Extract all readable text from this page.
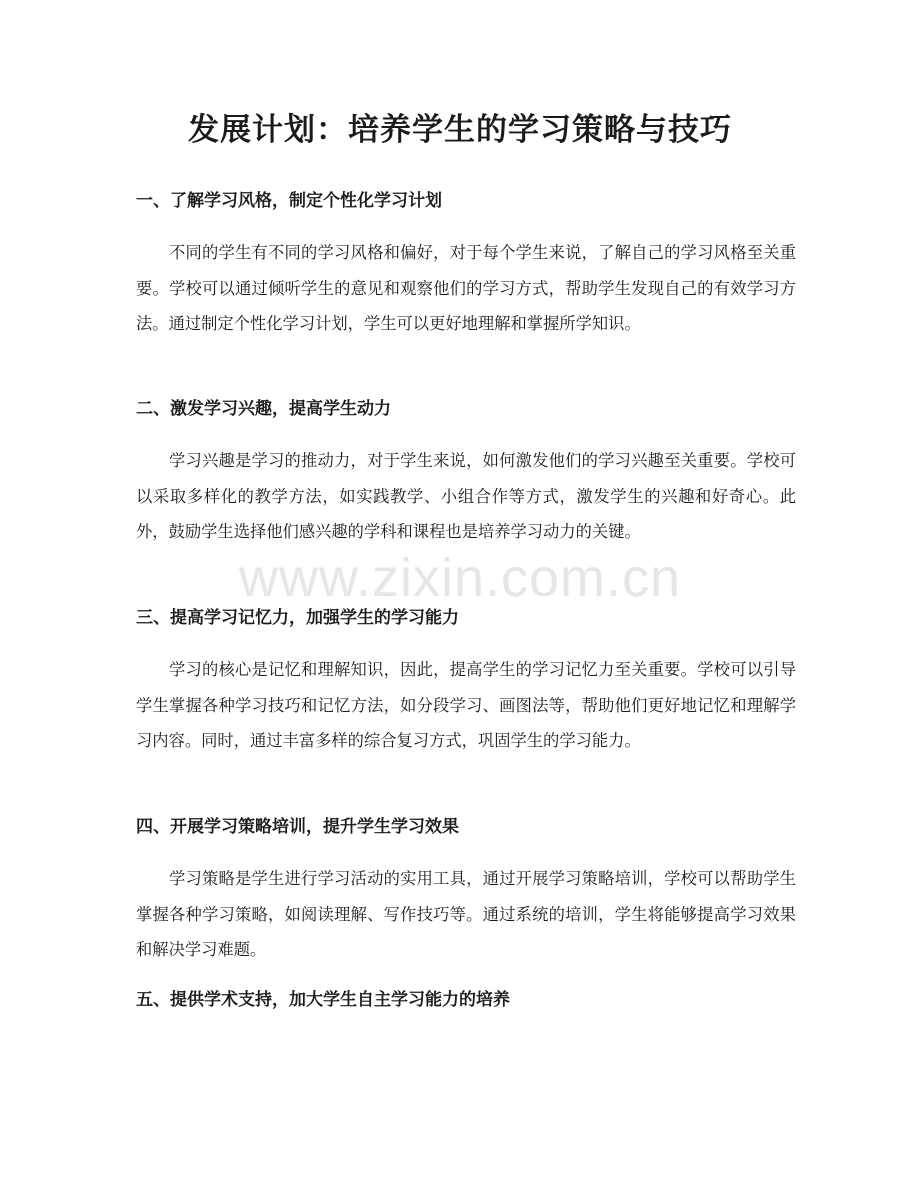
发展计划：培养学生的学习策略与技巧
一、了解学习风格，制定个性化学习计划

不同的学生有不同的学习风格和偏好，对于每个学生来说，了解自己的学习风格至关重要。学校可以通过倾听学生的意见和观察他们的学习方式，帮助学生发现自己的有效学习方法。通过制定个性化学习计划，学生可以更好地理解和掌握所学知识。

二、激发学习兴趣，提高学生动力

学习兴趣是学习的推动力，对于学生来说，如何激发他们的学习兴趣至关重要。学校可以采取多样化的教学方法，如实践教学、小组合作等方式，激发学生的兴趣和好奇心。此外，鼓励学生选择他们感兴趣的学科和课程也是培养学习动力的关键。

三、提高学习记忆力，加强学生的学习能力

学习的核心是记忆和理解知识，因此，提高学生的学习记忆力至关重要。学校可以引导学生掌握各种学习技巧和记忆方法，如分段学习、画图法等，帮助他们更好地记忆和理解学习内容。同时，通过丰富多样的综合复习方式，巩固学生的学习能力。

四、开展学习策略培训，提升学生学习效果

学习策略是学生进行学习活动的实用工具，通过开展学习策略培训，学校可以帮助学生掌握各种学习策略，如阅读理解、写作技巧等。通过系统的培训，学生将能够提高学习效果和解决学习难题。

五、提供学术支持，加大学生自主学习能力的培养
www.zixin.com.cn
